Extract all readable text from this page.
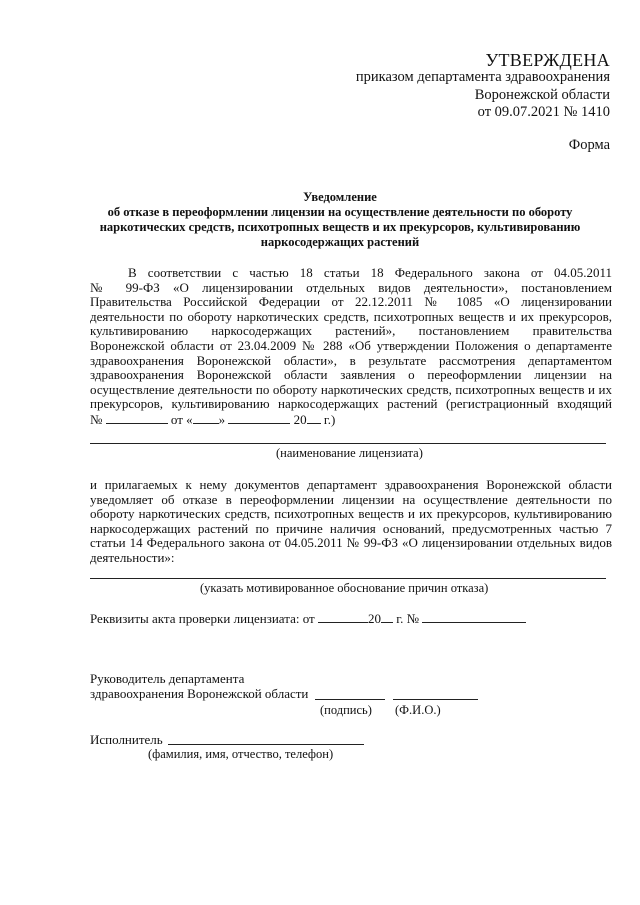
УТВЕРЖДЕНА
приказом департамента здравоохранения
Воронежской области
от 09.07.2021 № 1410
Форма
Уведомление
об отказе в переоформлении лицензии на осуществление деятельности по обороту
наркотических средств, психотропных веществ и их прекурсоров, культивированию
наркосодержащих растений
В соответствии с частью 18 статьи 18 Федерального закона от 04.05.2011
№ 99-ФЗ «О лицензировании отдельных видов деятельности», постановлением
Правительства Российской Федерации от 22.12.2011 № 1085 «О лицензировании
деятельности по обороту наркотических средств, психотропных веществ и их прекурсоров,
культивированию наркосодержащих растений», постановлением правительства
Воронежской области от 23.04.2009 № 288 «Об утверждении Положения о департаменте
здравоохранения Воронежской области», в результате рассмотрения департаментом
здравоохранения Воронежской области заявления о переоформлении лицензии на
осуществление деятельности по обороту наркотических средств, психотропных веществ и их
прекурсоров, культивированию наркосодержащих растений (регистрационный входящий
№	от « »	20 г.)
(наименование лицензиата)
и прилагаемых к нему документов департамент здравоохранения Воронежской области
уведомляет об отказе в переоформлении лицензии на осуществление деятельности по
обороту наркотических средств, психотропных веществ и их прекурсоров, культивированию
наркосодержащих растений по причине наличия оснований, предусмотренных частью 7
статьи 14 Федерального закона от 04.05.2011 № 99-ФЗ «О лицензировании отдельных видов
деятельности»:
(указать мотивированное обоснование причин отказа)
Реквизиты акта проверки лицензиата: от	20 г. №
Руководитель департамента
здравоохранения Воронежской области
(подпись) (Ф.И.О.)
Исполнитель
(фамилия, имя, отчество, телефон)
